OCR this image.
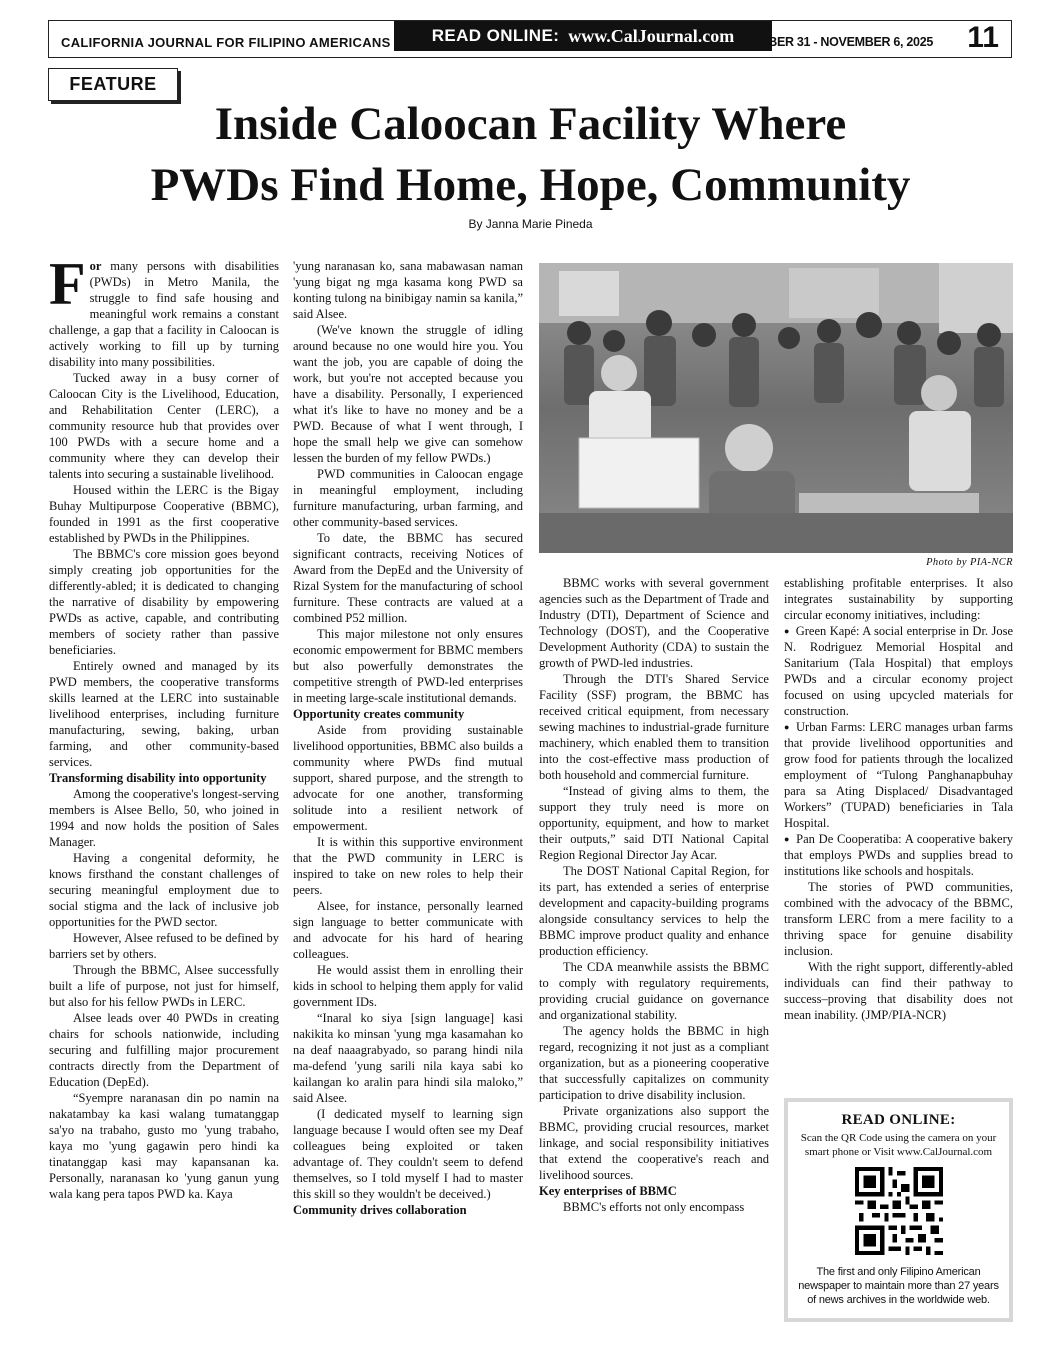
CALIFORNIA JOURNAL FOR FILIPINO AMERICANS READ ONLINE: www.CalJournal.com OCTOBER 31 - NOVEMBER 6, 2025 11
FEATURE
Inside Caloocan Facility Where
PWDs Find Home, Hope, Community
By Janna Marie Pineda

For many persons with disabilities (PWDs) in Metro Manila, the struggle to find safe housing and meaningful work remains a constant challenge, a gap that a facility in Caloocan is actively working to fill up by turning disability into many possibilities.

Tucked away in a busy corner of Caloocan City is the Livelihood, Education, and Rehabilitation Center (LERC), a community resource hub that provides over 100 PWDs with a secure home and a community where they can develop their talents into securing a sustainable livelihood.

Housed within the LERC is the Bigay Buhay Multipurpose Cooperative (BBMC), founded in 1991 as the first cooperative established by PWDs in the Philippines.

The BBMC's core mission goes beyond simply creating job opportunities for the differently-abled; it is dedicated to changing the narrative of disability by empowering PWDs as active, capable, and contributing members of society rather than passive beneficiaries.

Entirely owned and managed by its PWD members, the cooperative transforms skills learned at the LERC into sustainable livelihood enterprises, including furniture manufacturing, sewing, baking, urban farming, and other community-based services.

Transforming disability into opportunity

Among the cooperative's longest-serving members is Alsee Bello, 50, who joined in 1994 and now holds the position of Sales Manager.

Having a congenital deformity, he knows firsthand the constant challenges of securing meaningful employment due to social stigma and the lack of inclusive job opportunities for the PWD sector.

However, Alsee refused to be defined by barriers set by others.

Through the BBMC, Alsee successfully built a life of purpose, not just for himself, but also for his fellow PWDs in LERC.

Alsee leads over 40 PWDs in creating chairs for schools nationwide, including securing and fulfilling major procurement contracts directly from the Department of Education (DepEd).

“Syempre naranasan din po namin na nakatambay ka kasi walang tumatanggap sa'yo na trabaho, gusto mo 'yung trabaho, kaya mo 'yung gagawin pero hindi ka tinatanggap kasi may kapansanan ka. Personally, naranasan ko 'yung ganun yung wala kang pera tapos PWD ka. Kaya

'yung naranasan ko, sana mabawasan naman 'yung bigat ng mga kasama kong PWD sa konting tulong na binibigay namin sa kanila,” said Alsee.

(We've known the struggle of idling around because no one would hire you. You want the job, you are capable of doing the work, but you're not accepted because you have a disability. Personally, I experienced what it's like to have no money and be a PWD. Because of what I went through, I hope the small help we give can somehow lessen the burden of my fellow PWDs.)

PWD communities in Caloocan engage in meaningful employment, including furniture manufacturing, urban farming, and other community-based services.

To date, the BBMC has secured significant contracts, receiving Notices of Award from the DepEd and the University of Rizal System for the manufacturing of school furniture. These contracts are valued at a combined P52 million.

This major milestone not only ensures economic empowerment for BBMC members but also powerfully demonstrates the competitive strength of PWD-led enterprises in meeting large-scale institutional demands.

Opportunity creates community

Aside from providing sustainable livelihood opportunities, BBMC also builds a community where PWDs find mutual support, shared purpose, and the strength to advocate for one another, transforming solitude into a resilient network of empowerment.

It is within this supportive environment that the PWD community in LERC is inspired to take on new roles to help their peers.

Alsee, for instance, personally learned sign language to better communicate with and advocate for his hard of hearing colleagues.

He would assist them in enrolling their kids in school to helping them apply for valid government IDs.

“Inaral ko siya [sign language] kasi nakikita ko minsan 'yung mga kasamahan ko na deaf naaagrabyado, so parang hindi nila ma-defend 'yung sarili nila kaya sabi ko kailangan ko aralin para hindi sila maloko,” said Alsee.

(I dedicated myself to learning sign language because I would often see my Deaf colleagues being exploited or taken advantage of. They couldn't seem to defend themselves, so I told myself I had to master this skill so they wouldn't be deceived.)

Community drives collaboration
Photo by PIA-NCR

BBMC works with several government agencies such as the Department of Trade and Industry (DTI), Department of Science and Technology (DOST), and the Cooperative Development Authority (CDA) to sustain the growth of PWD-led industries.

Through the DTI's Shared Service Facility (SSF) program, the BBMC has received critical equipment, from necessary sewing machines to industrial-grade furniture machinery, which enabled them to transition into the cost-effective mass production of both household and commercial furniture.

“Instead of giving alms to them, the support they truly need is more on opportunity, equipment, and how to market their outputs,” said DTI National Capital Region Regional Director Jay Acar.

The DOST National Capital Region, for its part, has extended a series of enterprise development and capacity-building programs alongside consultancy services to help the BBMC improve product quality and enhance production efficiency.

The CDA meanwhile assists the BBMC to comply with regulatory requirements, providing crucial guidance on governance and organizational stability.

The agency holds the BBMC in high regard, recognizing it not just as a compliant organization, but as a pioneering cooperative that successfully capitalizes on community participation to drive disability inclusion.

Private organizations also support the BBMC, providing crucial resources, market linkage, and social responsibility initiatives that extend the cooperative's reach and livelihood sources.

Key enterprises of BBMC

BBMC's efforts not only encompass

establishing profitable enterprises. It also integrates sustainability by supporting circular economy initiatives, including:

● Green Kapé: A social enterprise in Dr. Jose N. Rodriguez Memorial Hospital and Sanitarium (Tala Hospital) that employs PWDs and a circular economy project focused on using upcycled materials for construction.

● Urban Farms: LERC manages urban farms that provide livelihood opportunities and grow food for patients through the localized employment of “Tulong Panghanapbuhay para sa Ating Displaced/ Disadvantaged Workers” (TUPAD) beneficiaries in Tala Hospital.

● Pan De Cooperatiba: A cooperative bakery that employs PWDs and supplies bread to institutions like schools and hospitals.

The stories of PWD communities, combined with the advocacy of the BBMC, transform LERC from a mere facility to a thriving space for genuine disability inclusion.

With the right support, differently-abled individuals can find their pathway to success–proving that disability does not mean inability. (JMP/PIA-NCR)

READ ONLINE:
Scan the QR Code using the camera on your smart phone or Visit www.CalJournal.com
The first and only Filipino American newspaper to maintain more than 27 years of news archives in the worldwide web.
